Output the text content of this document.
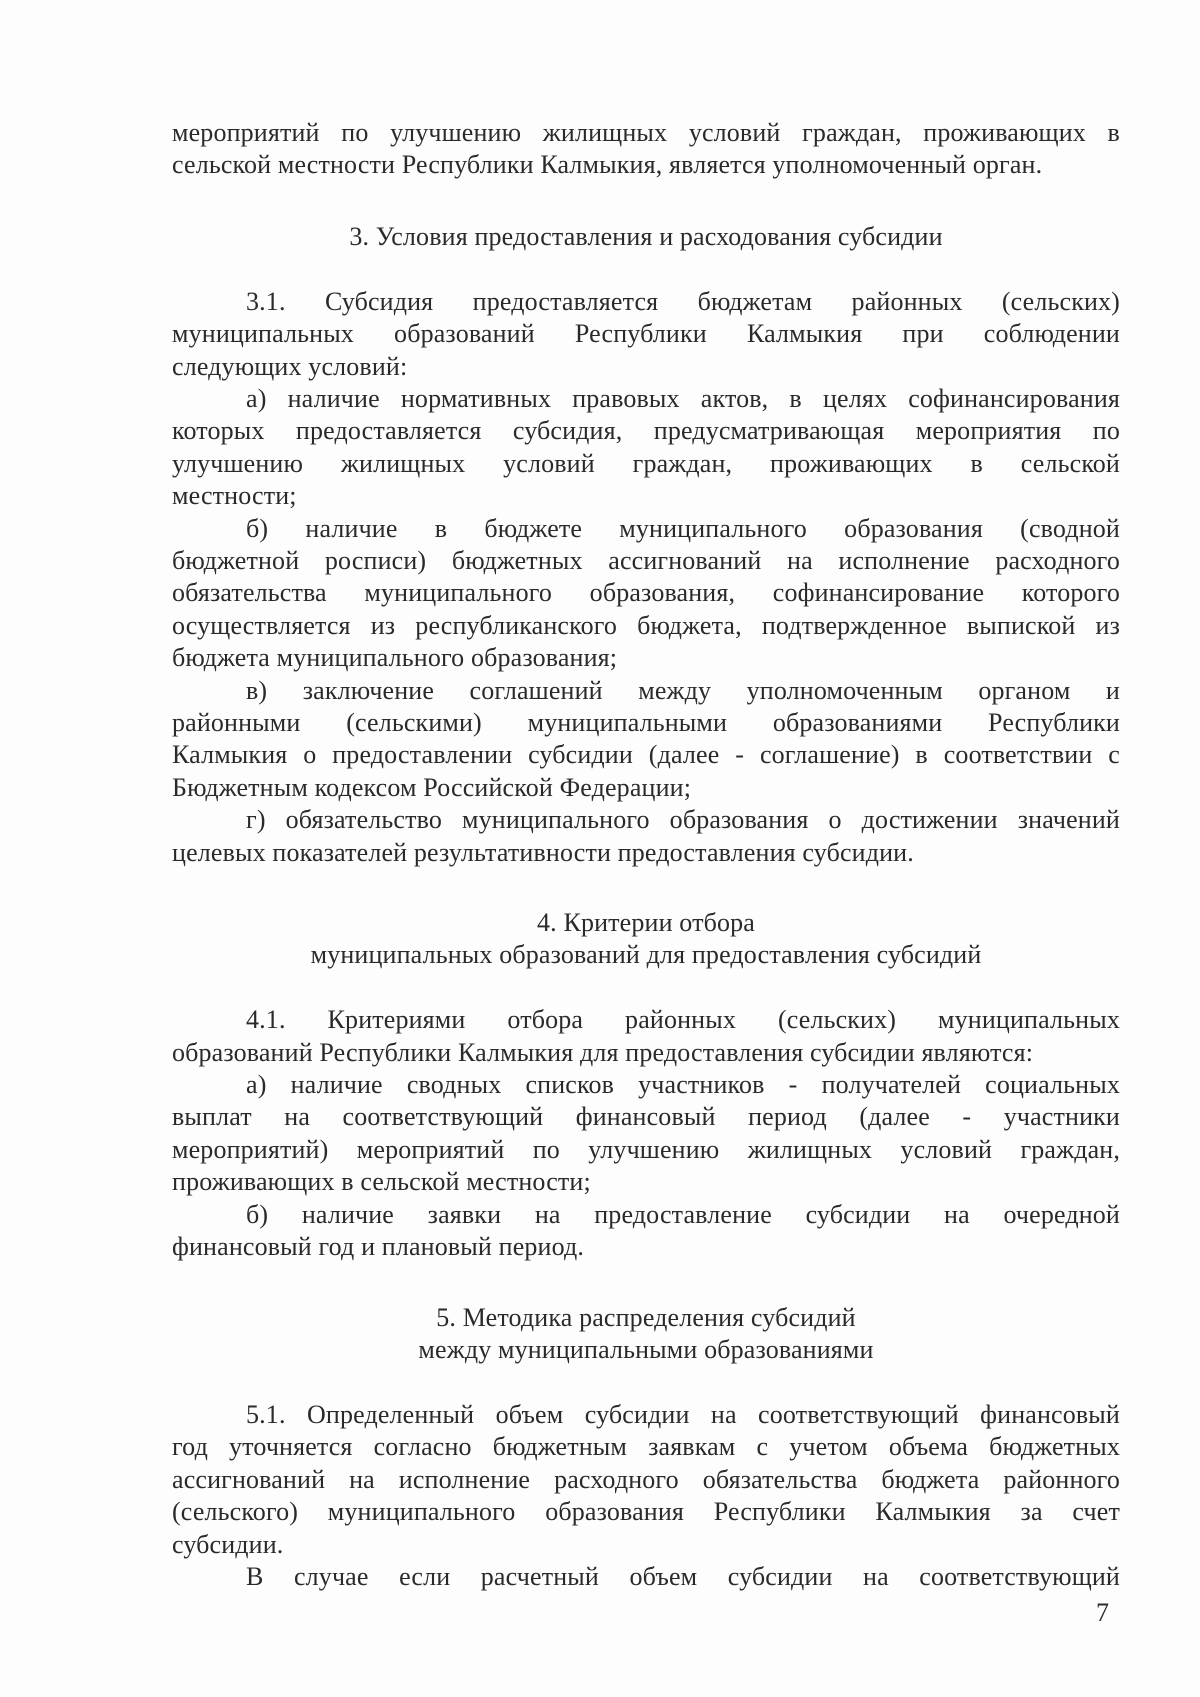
мероприятий по улучшению жилищных условий граждан, проживающих в

сельской местности Республики Калмыкия, является уполномоченный орган.

3. Условия предоставления и расходования субсидии

3.1. Субсидия предоставляется бюджетам районных (сельских)

муниципальных образований Республики Калмыкия при соблюдении

следующих условий:

а) наличие нормативных правовых актов, в целях софинансирования

которых предоставляется субсидия, предусматривающая мероприятия по

улучшению жилищных условий граждан, проживающих в сельской

местности;

б) наличие в бюджете муниципального образования (сводной

бюджетной росписи) бюджетных ассигнований на исполнение расходного

обязательства муниципального образования, софинансирование которого

осуществляется из республиканского бюджета, подтвержденное выпиской из

бюджета муниципального образования;

в) заключение соглашений между уполномоченным органом и

районными (сельскими) муниципальными образованиями Республики

Калмыкия о предоставлении субсидии (далее - соглашение) в соответствии с

Бюджетным кодексом Российской Федерации;

г) обязательство муниципального образования о достижении значений

целевых показателей результативности предоставления субсидии.

4. Критерии отбора

муниципальных образований для предоставления субсидий

4.1. Критериями отбора районных (сельских) муниципальных

образований Республики Калмыкия для предоставления субсидии являются:

а) наличие сводных списков участников - получателей социальных

выплат на соответствующий финансовый период (далее - участники

мероприятий) мероприятий по улучшению жилищных условий граждан,

проживающих в сельской местности;

б) наличие заявки на предоставление субсидии на очередной

финансовый год и плановый период.

5. Методика распределения субсидий

между муниципальными образованиями

5.1. Определенный объем субсидии на соответствующий финансовый

год уточняется согласно бюджетным заявкам с учетом объема бюджетных

ассигнований на исполнение расходного обязательства бюджета районного

(сельского) муниципального образования Республики Калмыкия за счет

субсидии.

В случае если расчетный объем субсидии на соответствующий

7
